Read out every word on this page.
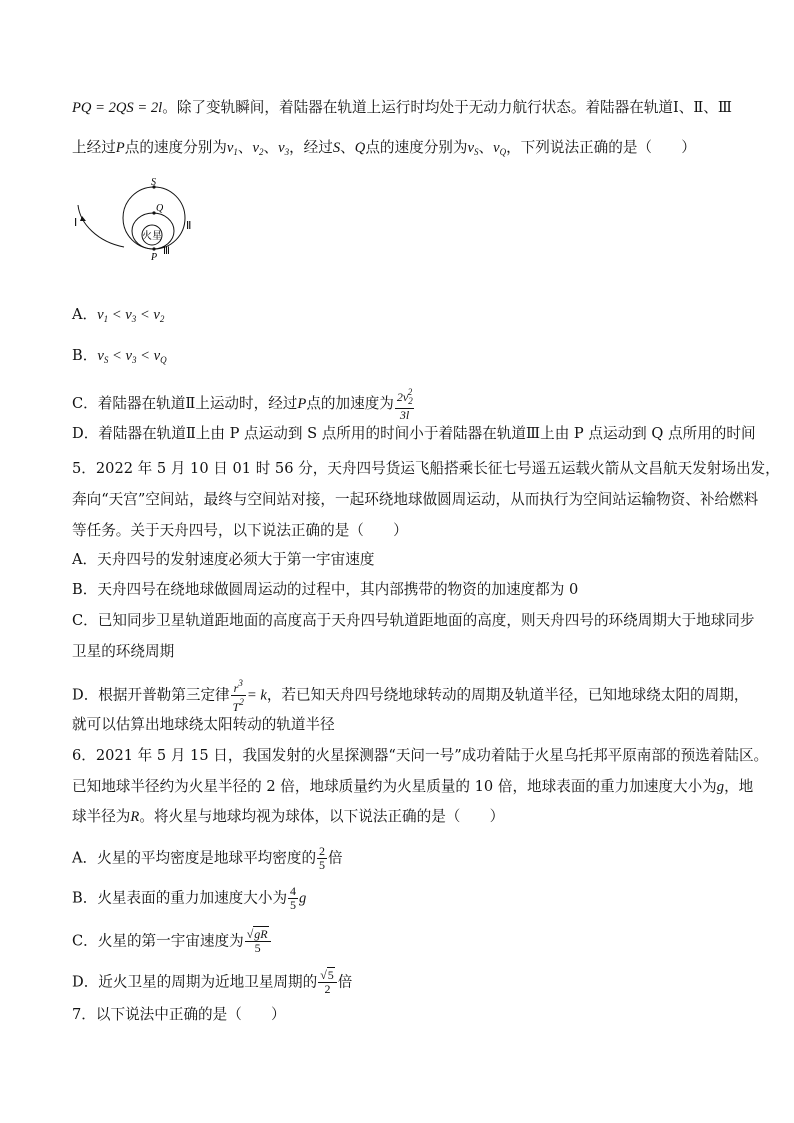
PQ = 2QS = 2l。除了变轨瞬间，着陆器在轨道上运行时均处于无动力航行状态。着陆器在轨道Ⅰ、Ⅱ、Ⅲ
上经过P点的速度分别为$v_1$、$v_2$、$v_3$，经过S、Q点的速度分别为$v_S$、$v_Q$，下列说法正确的是（　　）
火星
S
Q
P
Ⅰ	Ⅱ
Ⅲ
A．$v_1 < v_3 < v_2$
B．$v_S < v_3 < v_Q$
C．着陆器在轨道Ⅱ上运动时，经过P点的加速度为 $\frac{2v_2^2}{3l}$
D．着陆器在轨道Ⅱ上由 P 点运动到 S 点所用的时间小于着陆器在轨道Ⅲ上由 P 点运动到 Q 点所用的时间
5．2022 年 5 月 10 日 01 时 56 分，天舟四号货运飞船搭乘长征七号遥五运载火箭从文昌航天发射场出发，
奔向“天宫”空间站，最终与空间站对接，一起环绕地球做圆周运动，从而执行为空间站运输物资、补给燃料
等任务。关于天舟四号，以下说法正确的是（　　）
A．天舟四号的发射速度必须大于第一宇宙速度
B．天舟四号在绕地球做圆周运动的过程中，其内部携带的物资的加速度都为 0
C．已知同步卫星轨道距地面的高度高于天舟四号轨道距地面的高度，则天舟四号的环绕周期大于地球同步
卫星的环绕周期
D．根据开普勒第三定律 $\frac{r^3}{T^2} = k$，若已知天舟四号绕地球转动的周期及轨道半径，已知地球绕太阳的周期，
就可以估算出地球绕太阳转动的轨道半径
6．2021 年 5 月 15 日，我国发射的火星探测器“天问一号”成功着陆于火星乌托邦平原南部的预选着陆区。
已知地球半径约为火星半径的 2 倍，地球质量约为火星质量的 10 倍，地球表面的重力加速度大小为g，地
球半径为R。将火星与地球均视为球体，以下说法正确的是（　　）
A．火星的平均密度是地球平均密度的 $\frac{2}{5}$ 倍
B．火星表面的重力加速度大小为 $\frac{4}{5}$ g
C．火星的第一宇宙速度为 $\frac{√gR}{5}$
D．近火卫星的周期为近地卫星周期的 $\frac{√5}{2}$ 倍
7．以下说法中正确的是（　　）
